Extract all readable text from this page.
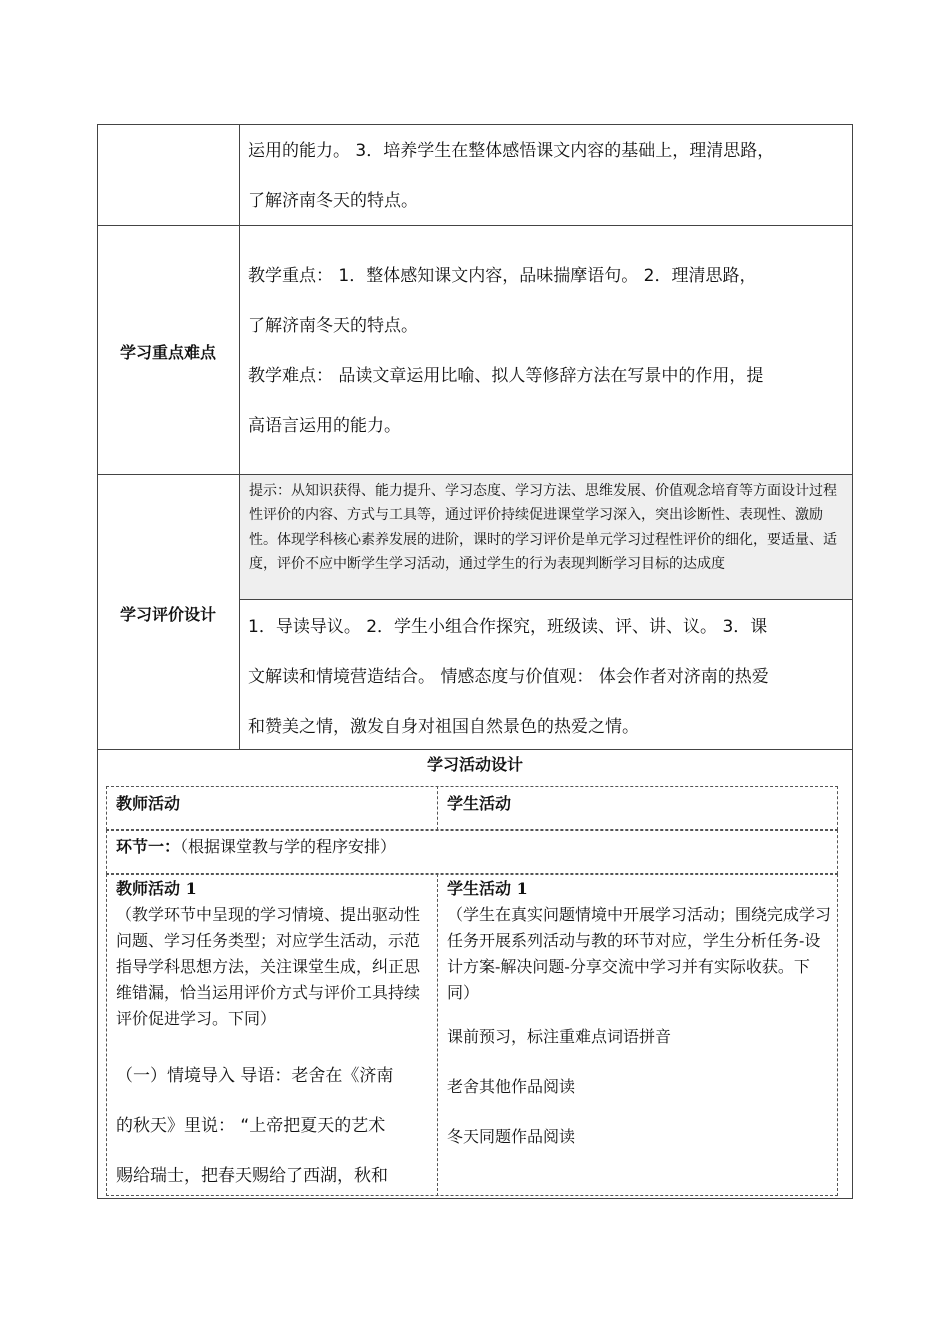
运用的能力。 3．培养学生在整体感悟课文内容的基础上，理清思路，
了解济南冬天的特点。
学习重点难点
教学重点： 1．整体感知课文内容，品味揣摩语句。 2．理清思路，
了解济南冬天的特点。
教学难点： 品读文章运用比喻、拟人等修辞方法在写景中的作用，提
高语言运用的能力。
学习评价设计
提示：从知识获得、能力提升、学习态度、学习方法、思维发展、价值观念培育等方面设计过程性评价的内容、方式与工具等，通过评价持续促进课堂学习深入，突出诊断性、表现性、激励性。体现学科核心素养发展的进阶，课时的学习评价是单元学习过程性评价的细化，要适量、适度，评价不应中断学生学习活动，通过学生的行为表现判断学习目标的达成度
1．导读导议。 2．学生小组合作探究，班级读、评、讲、议。 3．课
文解读和情境营造结合。 情感态度与价值观： 体会作者对济南的热爱
和赞美之情，激发自身对祖国自然景色的热爱之情。
学习活动设计
教师活动	学生活动
环节一：（根据课堂教与学的程序安排）
教师活动 1
（教学环节中呈现的学习情境、提出驱动性问题、学习任务类型；对应学生活动，示范指导学科思想方法，关注课堂生成，纠正思维错漏，恰当运用评价方式与评价工具持续评价促进学习。下同）
（一）情境导入 导语：老舍在《济南
的秋天》里说： “上帝把夏天的艺术
赐给瑞士，把春天赐给了西湖，秋和
学生活动 1
（学生在真实问题情境中开展学习活动；围绕完成学习任务开展系列活动与教的环节对应，学生分析任务-设计方案-解决问题-分享交流中学习并有实际收获。下同）
课前预习，标注重难点词语拼音
老舍其他作品阅读
冬天同题作品阅读
